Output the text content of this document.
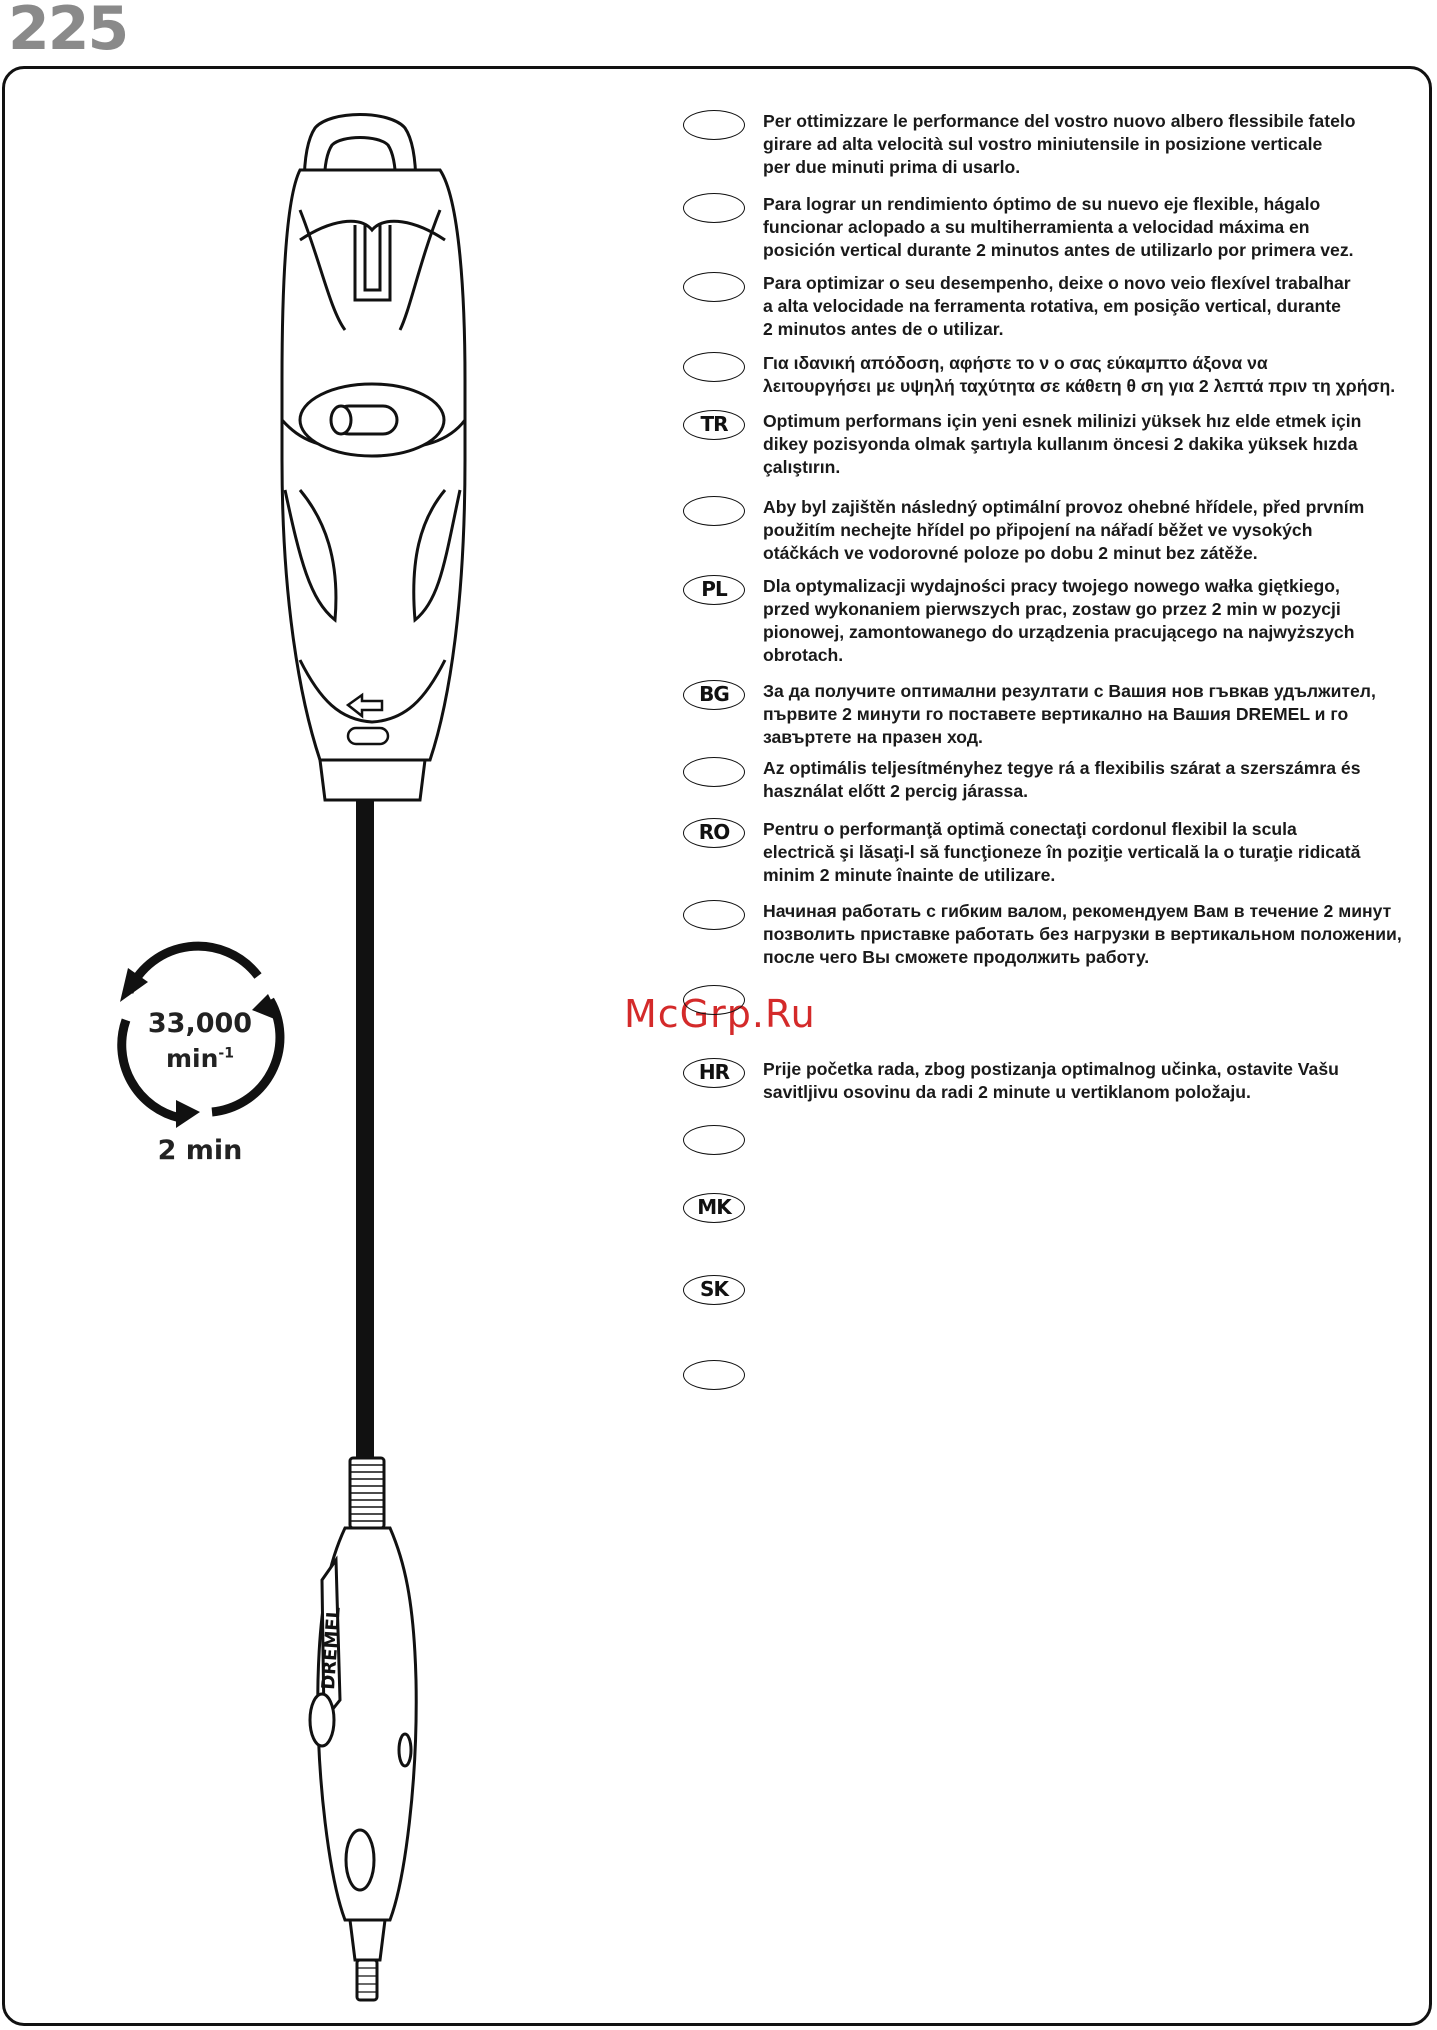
225
DREMEL
33,000
$\min^{-1}$
2 min
McGrp.Ru
Per ottimizzare le performance del vostro nuovo albero flessibile fatelo
girare ad alta velocità sul vostro miniutensile in posizione verticale
per due minuti prima di usarlo.
Para lograr un rendimiento óptimo de su nuevo eje flexible, hágalo
funcionar aclopado a su multiherramienta a velocidad máxima en
posición vertical durante 2 minutos antes de utilizarlo por primera vez.
Para optimizar o seu desempenho, deixe o novo veio flexível trabalhar
a alta velocidade na ferramenta rotativa, em posição vertical, durante
2 minutos antes de o utilizar.
Για ιδανική απόδοση, αφήστε το ν ο σας εύκαμπτο άξονα να
λειτουργήσει με υψηλή ταχύτητα σε κάθετη θ ση για 2 λεπτά πριν τη χρήση.
TR	Optimum performans için yeni esnek milinizi yüksek hız elde etmek için
dikey pozisyonda olmak şartıyla kullanım öncesi 2 dakika yüksek hızda
çalıştırın.
Aby byl zajištěn následný optimální provoz ohebné hřídele, před prvním
použitím nechejte hřídel po připojení na nářadí běžet ve vysokých
otáčkách ve vodorovné poloze po dobu 2 minut bez zátěže.
PL	Dla optymalizacji wydajności pracy twojego nowego wałka giętkiego,
przed wykonaniem pierwszych prac, zostaw go przez 2 min w pozycji
pionowej, zamontowanego do urządzenia pracującego na najwyższych
obrotach.
BG	За да получите оптимални резултати с Вашия нов гъвкав удължител,
първите 2 минути го поставете вертикално на Вашия DREMEL и го
завъртете на празен ход.
Az optimális teljesítményhez tegye rá a flexibilis szárat a szerszámra és
használat előtt 2 percig járassa.
RO	Pentru o performanţă optimă conectaţi cordonul flexibil la scula
electrică şi lăsaţi-l să funcţioneze în poziţie verticală la o turaţie ridicată
minim 2 minute înainte de utilizare.
Начиная работать с гибким валом, рекомендуем Вам в течение 2 минут
позволить приставке работать без нагрузки в вертикальном положении,
после чего Вы сможете продолжить работу.
HR	Prije početka rada, zbog postizanja optimalnog učinka, ostavite Vašu
savitljivu osovinu da radi 2 minute u vertiklanom položaju.
MK
SK
